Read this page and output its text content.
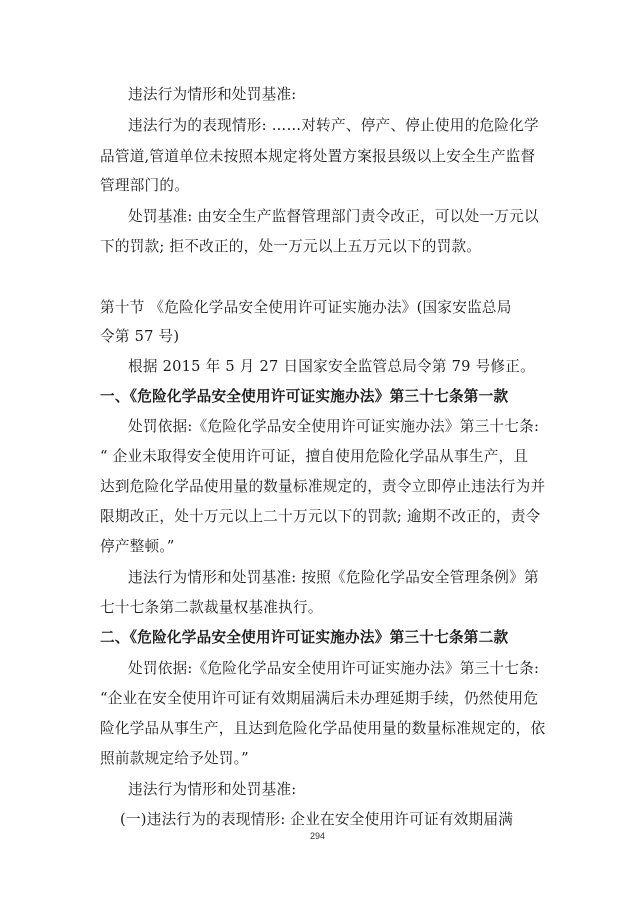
违法行为情形和处罚基准:
违法行为的表现情形: ……对转产、停产、停止使用的危险化学
品管道,管道单位未按照本规定将处置方案报县级以上安全生产监督
管理部门的。
处罚基准: 由安全生产监督管理部门责令改正，可以处一万元以
下的罚款; 拒不改正的，处一万元以上五万元以下的罚款。
第十节 《危险化学品安全使用许可证实施办法》(国家安监总局
令第 57 号)
根据 2015 年 5 月 27 日国家安全监管总局令第 79 号修正。
一、《危险化学品安全使用许可证实施办法》第三十七条第一款
处罚依据:《危险化学品安全使用许可证实施办法》第三十七条:
“ 企业未取得安全使用许可证，擅自使用危险化学品从事生产，且
达到危险化学品使用量的数量标准规定的，责令立即停止违法行为并
限期改正，处十万元以上二十万元以下的罚款; 逾期不改正的，责令
停产整顿。”
违法行为情形和处罚基准: 按照《危险化学品安全管理条例》第
七十七条第二款裁量权基准执行。
二、《危险化学品安全使用许可证实施办法》第三十七条第二款
处罚依据:《危险化学品安全使用许可证实施办法》第三十七条:
“企业在安全使用许可证有效期届满后未办理延期手续，仍然使用危
险化学品从事生产，且达到危险化学品使用量的数量标准规定的，依
照前款规定给予处罚。”
违法行为情形和处罚基准:
(一)违法行为的表现情形: 企业在安全使用许可证有效期届满
294
